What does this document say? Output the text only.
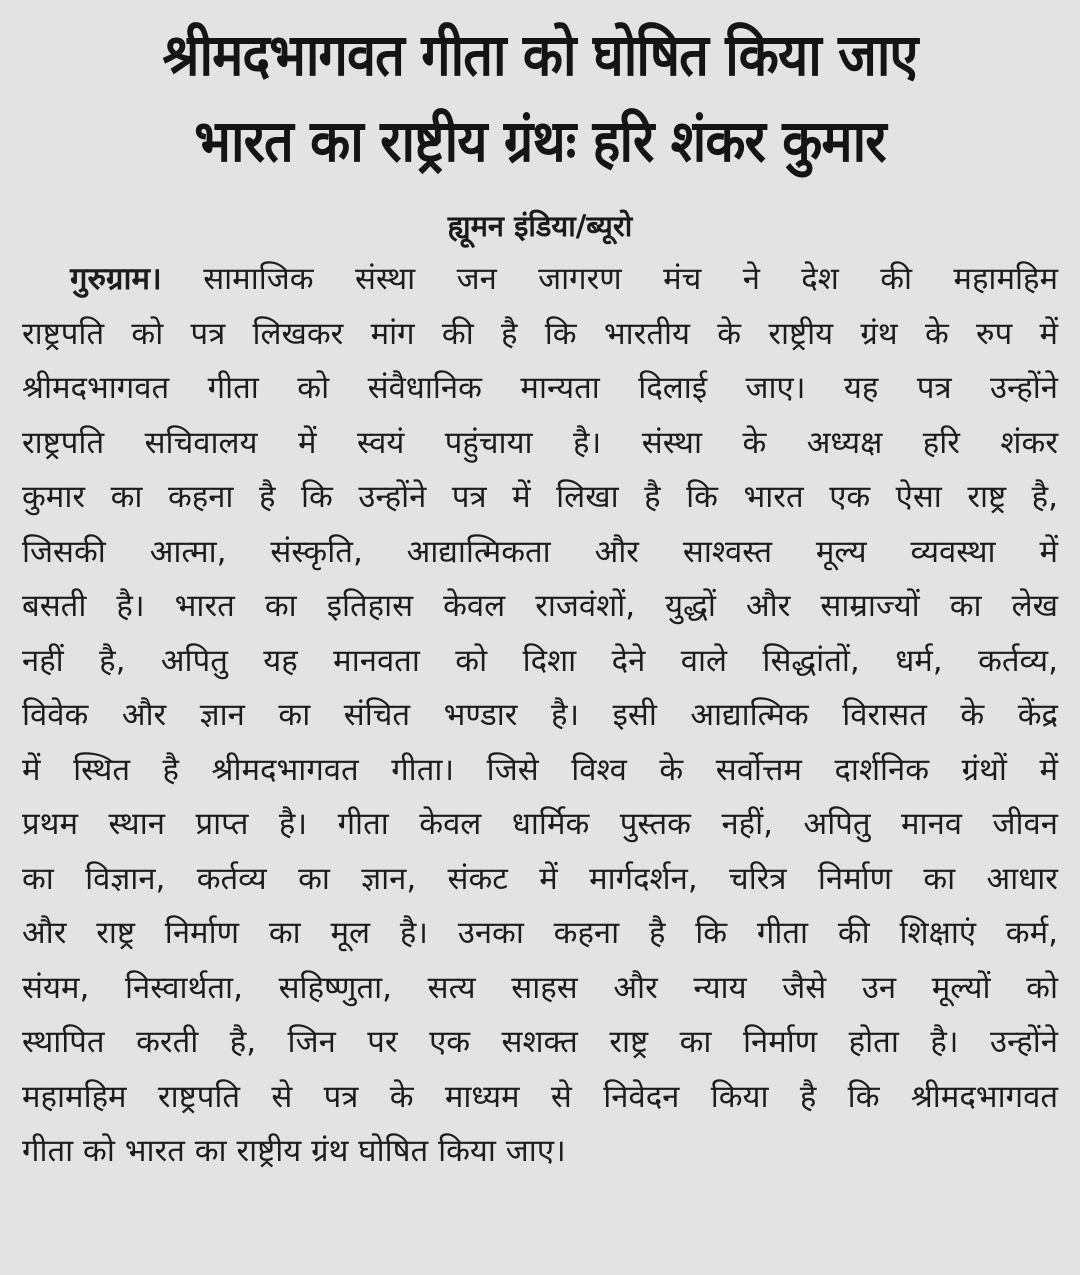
श्रीमदभागवत गीता को घोषित किया जाए
भारत का राष्ट्रीय ग्रंथः हरि शंकर कुमार
ह्यूमन इंडिया/ब्यूरो
गुरुग्राम। सामाजिक संस्था जन जागरण मंच ने देश की महामहिम
राष्ट्रपति को पत्र लिखकर मांग की है कि भारतीय के राष्ट्रीय ग्रंथ के रुप में
श्रीमदभागवत गीता को संवैधानिक मान्यता दिलाई जाए। यह पत्र उन्होंने
राष्ट्रपति सचिवालय में स्वयं पहुंचाया है। संस्था के अध्यक्ष हरि शंकर
कुमार का कहना है कि उन्होंने पत्र में लिखा है कि भारत एक ऐसा राष्ट्र है,
जिसकी आत्मा, संस्कृति, आद्यात्मिकता और साश्वस्त मूल्य व्यवस्था में
बसती है। भारत का इतिहास केवल राजवंशों, युद्धों और साम्राज्यों का लेख
नहीं है, अपितु यह मानवता को दिशा देने वाले सिद्धांतों, धर्म, कर्तव्य,
विवेक और ज्ञान का संचित भण्डार है। इसी आद्यात्मिक विरासत के केंद्र
में स्थित है श्रीमदभागवत गीता। जिसे विश्व के सर्वोत्तम दार्शनिक ग्रंथों में
प्रथम स्थान प्राप्त है। गीता केवल धार्मिक पुस्तक नहीं, अपितु मानव जीवन
का विज्ञान, कर्तव्य का ज्ञान, संकट में मार्गदर्शन, चरित्र निर्माण का आधार
और राष्ट्र निर्माण का मूल है। उनका कहना है कि गीता की शिक्षाएं कर्म,
संयम, निस्वार्थता, सहिष्णुता, सत्य साहस और न्याय जैसे उन मूल्यों को
स्थापित करती है, जिन पर एक सशक्त राष्ट्र का निर्माण होता है। उन्होंने
महामहिम राष्ट्रपति से पत्र के माध्यम से निवेदन किया है कि श्रीमदभागवत
गीता को भारत का राष्ट्रीय ग्रंथ घोषित किया जाए।
